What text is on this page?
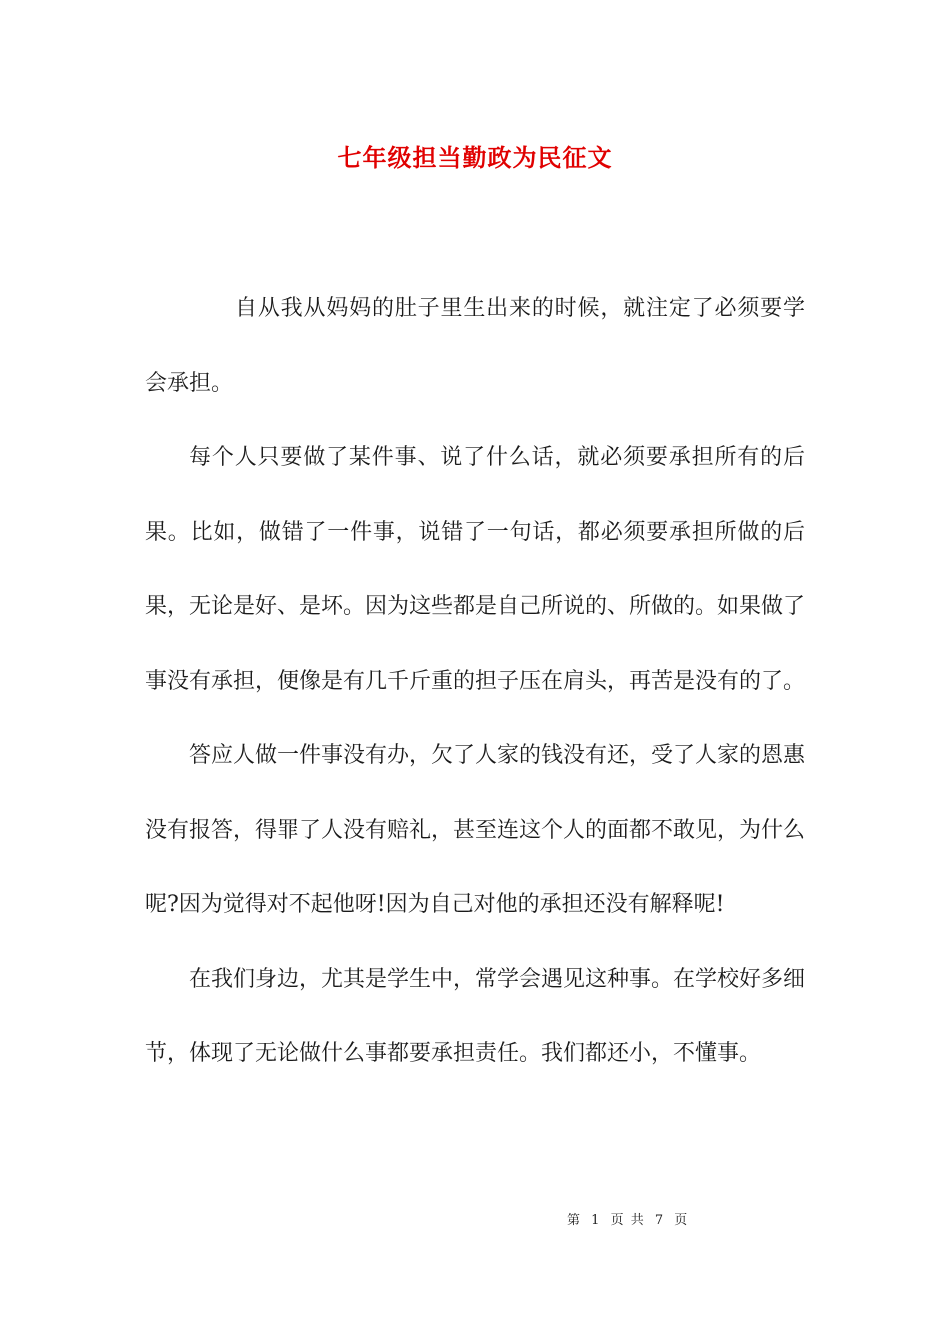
七年级担当勤政为民征文

自从我从妈妈的肚子里生出来的时候，就注定了必须要学会承担。

每个人只要做了某件事、说了什么话，就必须要承担所有的后果。比如，做错了一件事，说错了一句话，都必须要承担所做的后果，无论是好、是坏。因为这些都是自己所说的、所做的。如果做了事没有承担，便像是有几千斤重的担子压在肩头，再苦是没有的了。

答应人做一件事没有办，欠了人家的钱没有还，受了人家的恩惠没有报答，得罪了人没有赔礼，甚至连这个人的面都不敢见，为什么呢?因为觉得对不起他呀!因为自己对他的承担还没有解释呢!

在我们身边，尤其是学生中，常学会遇见这种事。在学校好多细节，体现了无论做什么事都要承担责任。我们都还小，不懂事。

第 1 页 共 7 页
